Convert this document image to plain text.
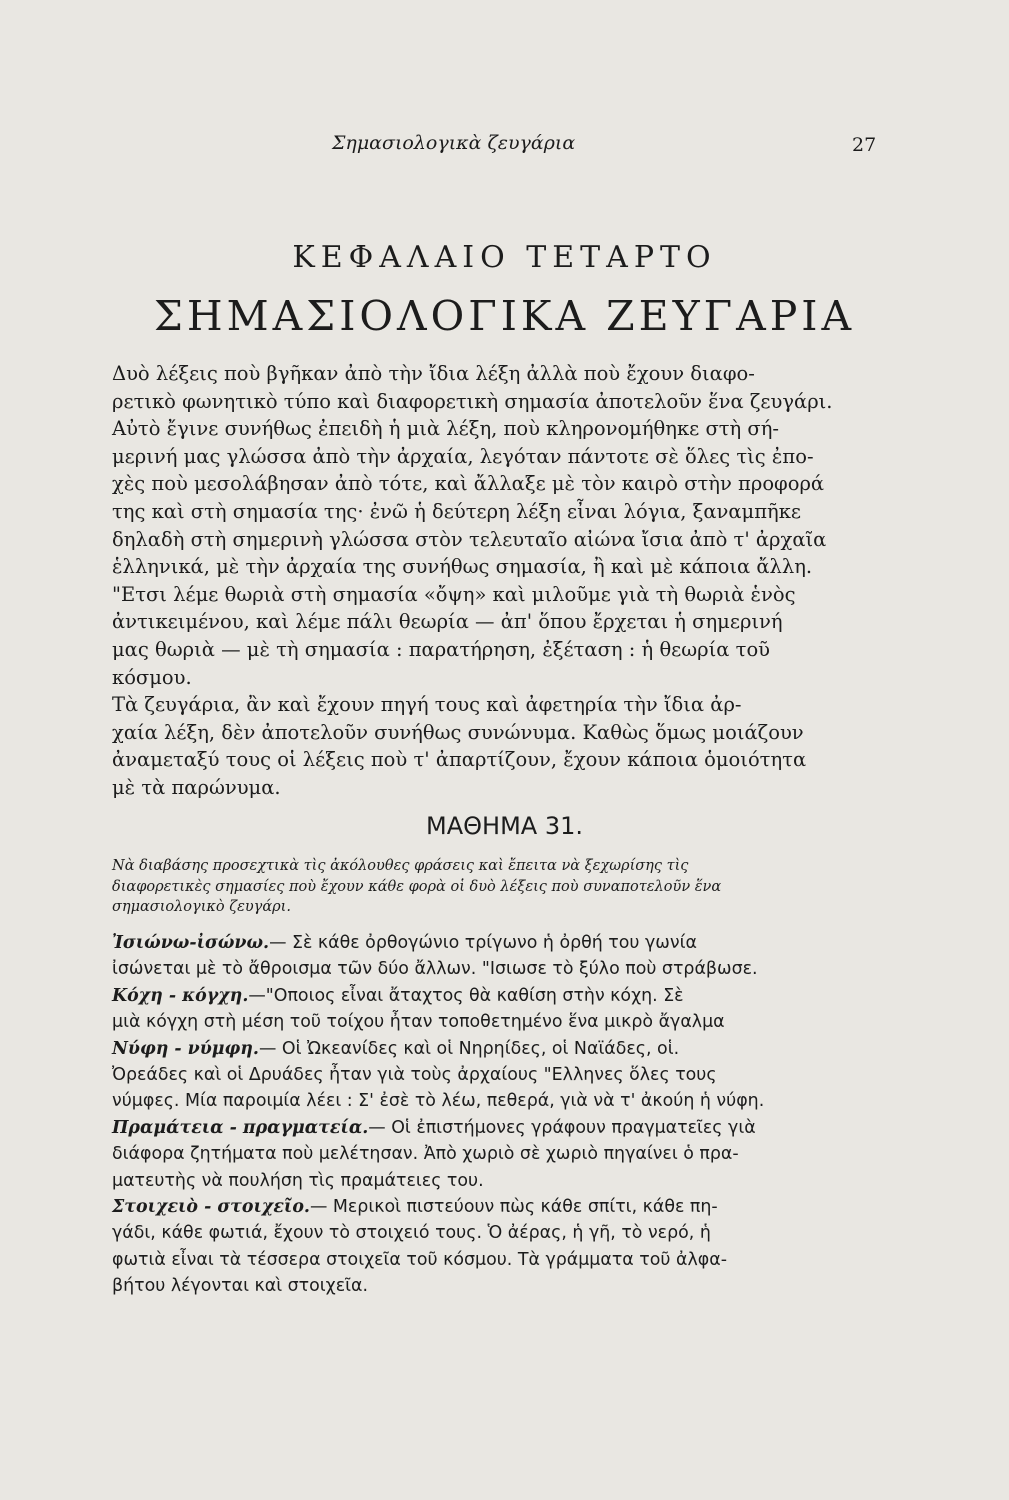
Σημασιολογικὰ ζευγάρια	27
ΚΕΦΑΛΑΙΟ ΤΕΤΑΡΤΟ
ΣΗΜΑΣΙΟΛΟΓΙΚΑ ΖΕΥΓΑΡΙΑ

Δυὸ λέξεις ποὺ βγῆκαν ἀπὸ τὴν ἴδια λέξη ἀλλὰ ποὺ ἔχουν διαφο-
ρετικὸ φωνητικὸ τύπο καὶ διαφορετικὴ σημασία ἀποτελοῦν ἕνα ζευγάρι.
Αὐτὸ ἔγινε συνήθως ἐπειδὴ ἡ μιὰ λέξη, ποὺ κληρονομήθηκε στὴ σή-
μερινή μας γλώσσα ἀπὸ τὴν ἀρχαία, λεγόταν πάντοτε σὲ ὅλες τὶς ἐπο-
χὲς ποὺ μεσολάβησαν ἀπὸ τότε, καὶ ἄλλαξε μὲ τὸν καιρὸ στὴν προφορά
της καὶ στὴ σημασία της· ἐνῶ ἡ δεύτερη λέξη εἶναι λόγια, ξαναμπῆκε
δηλαδὴ στὴ σημερινὴ γλώσσα στὸν τελευταῖο αἰώνα ἴσια ἀπὸ τ' ἀρχαῖα
ἑλληνικά, μὲ τὴν ἀρχαία της συνήθως σημασία, ἢ καὶ μὲ κάποια ἄλλη.
"Ετσι λέμε θωριὰ στὴ σημασία «ὄψη» καὶ μιλοῦμε γιὰ τὴ θωριὰ ἑνὸς
ἀντικειμένου, καὶ λέμε πάλι θεωρία — ἀπ' ὅπου ἔρχεται ἡ σημερινή
μας θωριὰ — μὲ τὴ σημασία : παρατήρηση, ἐξέταση : ἡ θεωρία τοῦ
κόσμου.
Τὰ ζευγάρια, ἂν καὶ ἔχουν πηγή τους καὶ ἀφετηρία τὴν ἴδια ἀρ-
χαία λέξη, δὲν ἀποτελοῦν συνήθως συνώνυμα. Καθὼς ὅμως μοιάζουν
ἀναμεταξύ τους οἱ λέξεις ποὺ τ' ἀπαρτίζουν, ἔχουν κάποια ὁμοιότητα
μὲ τὰ παρώνυμα.

ΜΑΘΗΜΑ 31.

Νὰ διαβάσης προσεχτικὰ τὶς ἀκόλουθες φράσεις καὶ ἔπειτα νὰ ξεχωρίσης τὶς
διαφορετικὲς σημασίες ποὺ ἔχουν κάθε φορὰ οἱ δυὸ λέξεις ποὺ συναποτελοῦν ἕνα
σημασιολογικὸ ζευγάρι.

Ἰσιώνω-ἰσώνω.— Σὲ κάθε ὀρθογώνιο τρίγωνο ἡ ὀρθή του γωνία
ἰσώνεται μὲ τὸ ἄθροισμα τῶν δύο ἄλλων. "Ισιωσε τὸ ξύλο ποὺ στράβωσε.
Κόχη - κόγχη.—"Οποιος εἶναι ἄταχτος θὰ καθίση στὴν κόχη. Σὲ
μιὰ κόγχη στὴ μέση τοῦ τοίχου ἦταν τοποθετημένο ἕνα μικρὸ ἄγαλμα
Νύφη - νύμφη.— Οἱ Ὠκεανίδες καὶ οἱ Νηρηίδες, οἱ Ναϊάδες, οἱ.
Ὀρεάδες καὶ οἱ Δρυάδες ἦταν γιὰ τοὺς ἀρχαίους "Ελληνες ὅλες τους
νύμφες. Μία παροιμία λέει : Σ' ἐσὲ τὸ λέω, πεθερά, γιὰ νὰ τ' ἀκούη ἡ νύφη.
Πραμάτεια - πραγματεία.— Οἱ ἐπιστήμονες γράφουν πραγματεῖες γιὰ
διάφορα ζητήματα ποὺ μελέτησαν. Ἀπὸ χωριὸ σὲ χωριὸ πηγαίνει ὁ πρα-
ματευτὴς νὰ πουλήση τὶς πραμάτειες του.
Στοιχειὸ - στοιχεῖο.— Μερικοὶ πιστεύουν πὼς κάθε σπίτι, κάθε πη-
γάδι, κάθε φωτιά, ἔχουν τὸ στοιχειό τους. Ὁ ἀέρας, ἡ γῆ, τὸ νερό, ἡ
φωτιὰ εἶναι τὰ τέσσερα στοιχεῖα τοῦ κόσμου. Τὰ γράμματα τοῦ ἀλφα-
βήτου λέγονται καὶ στοιχεῖα.
